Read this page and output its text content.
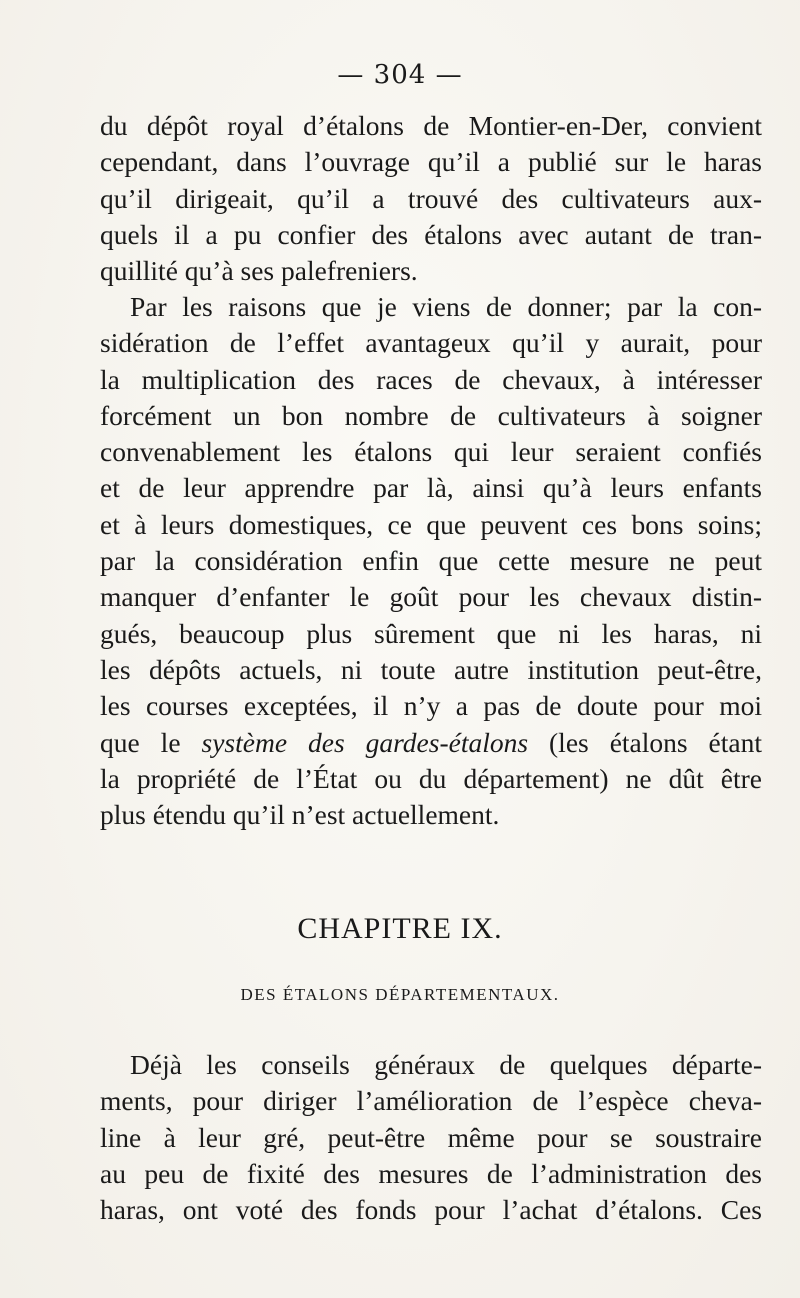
— 304 —
du dépôt royal d’étalons de Montier-en-Der, convient
cependant, dans l’ouvrage qu’il a publié sur le haras
qu’il dirigeait, qu’il a trouvé des cultivateurs aux-
quels il a pu confier des étalons avec autant de tran-
quillité qu’à ses palefreniers.
Par les raisons que je viens de donner; par la con-
sidération de l’effet avantageux qu’il y aurait, pour
la multiplication des races de chevaux, à intéresser
forcément un bon nombre de cultivateurs à soigner
convenablement les étalons qui leur seraient confiés
et de leur apprendre par là, ainsi qu’à leurs enfants
et à leurs domestiques, ce que peuvent ces bons soins;
par la considération enfin que cette mesure ne peut
manquer d’enfanter le goût pour les chevaux distin-
gués, beaucoup plus sûrement que ni les haras, ni
les dépôts actuels, ni toute autre institution peut-être,
les courses exceptées, il n’y a pas de doute pour moi
que le système des gardes-étalons (les étalons étant
la propriété de l’État ou du département) ne dût être
plus étendu qu’il n’est actuellement.
CHAPITRE IX.
DES ÉTALONS DÉPARTEMENTAUX.
Déjà les conseils généraux de quelques départe-
ments, pour diriger l’amélioration de l’espèce cheva-
line à leur gré, peut-être même pour se soustraire
au peu de fixité des mesures de l’administration des
haras, ont voté des fonds pour l’achat d’étalons. Ces
